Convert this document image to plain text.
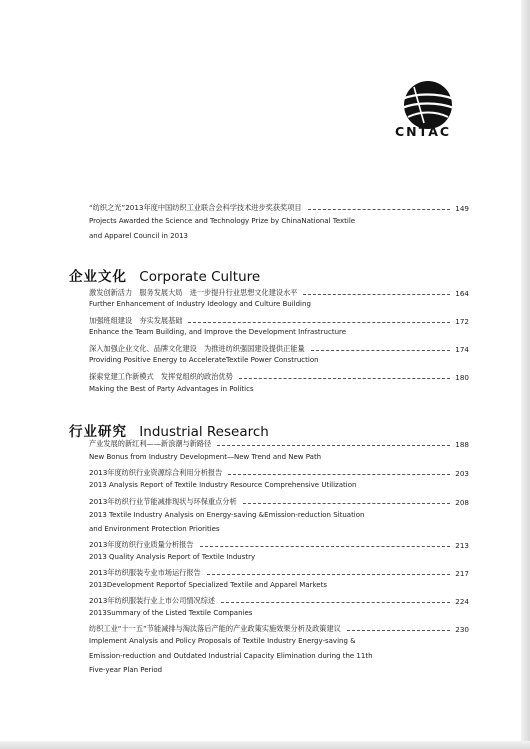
CNTAC
“纺织之光”2013年度中国纺织工业联合会科学技术进步奖获奖项目	149
Projects Awarded the Science and Technology Prize by ChinaNational Textile
and Apparel Council in 2013
企业文化 Corporate Culture
激发创新活力　服务发展大局　进一步提升行业思想文化建设水平	164
Further Enhancement of Industry Ideology and Culture Building
加强班组建设　夯实发展基础	172
Enhance the Team Building, and Improve the Development Infrastructure
深入加强企业文化、品牌文化建设　为推进纺织强国建设提供正能量	174
Providing Positive Energy to AccelerateTextile Power Construction
探索党建工作新模式　发挥党组织的政治优势	180
Making the Best of Party Advantages in Politics
行业研究 Industrial Research
产业发展的新红利——新浪潮与新路径	188
New Bonus from Industry Development—New Trend and New Path
2013年度纺织行业资源综合利用分析报告	203
2013 Analysis Report of Textile Industry Resource Comprehensive Utilization
2013年纺织行业节能减排现状与环保重点分析	208
2013 Textile Industry Analysis on Energy-saving &Emission-reduction Situation
and Environment Protection Priorities
2013年度纺织行业质量分析报告	213
2013 Quality Analysis Report of Textile Industry
2013年纺织服装专业市场运行报告	217
2013Development Reportof Specialized Textile and Apparel Markets
2013年纺织服装行业上市公司情况综述	224
2013Summary of the Listed Textile Companies
纺织工业“十一五”节能减排与淘汰落后产能的产业政策实施效果分析及政策建议	230
Implement Analysis and Policy Proposals of Textile Industry Energy-saving &
Emission-reduction and Outdated Industrial Capacity Elimination during the 11th
Five-year Plan Period
